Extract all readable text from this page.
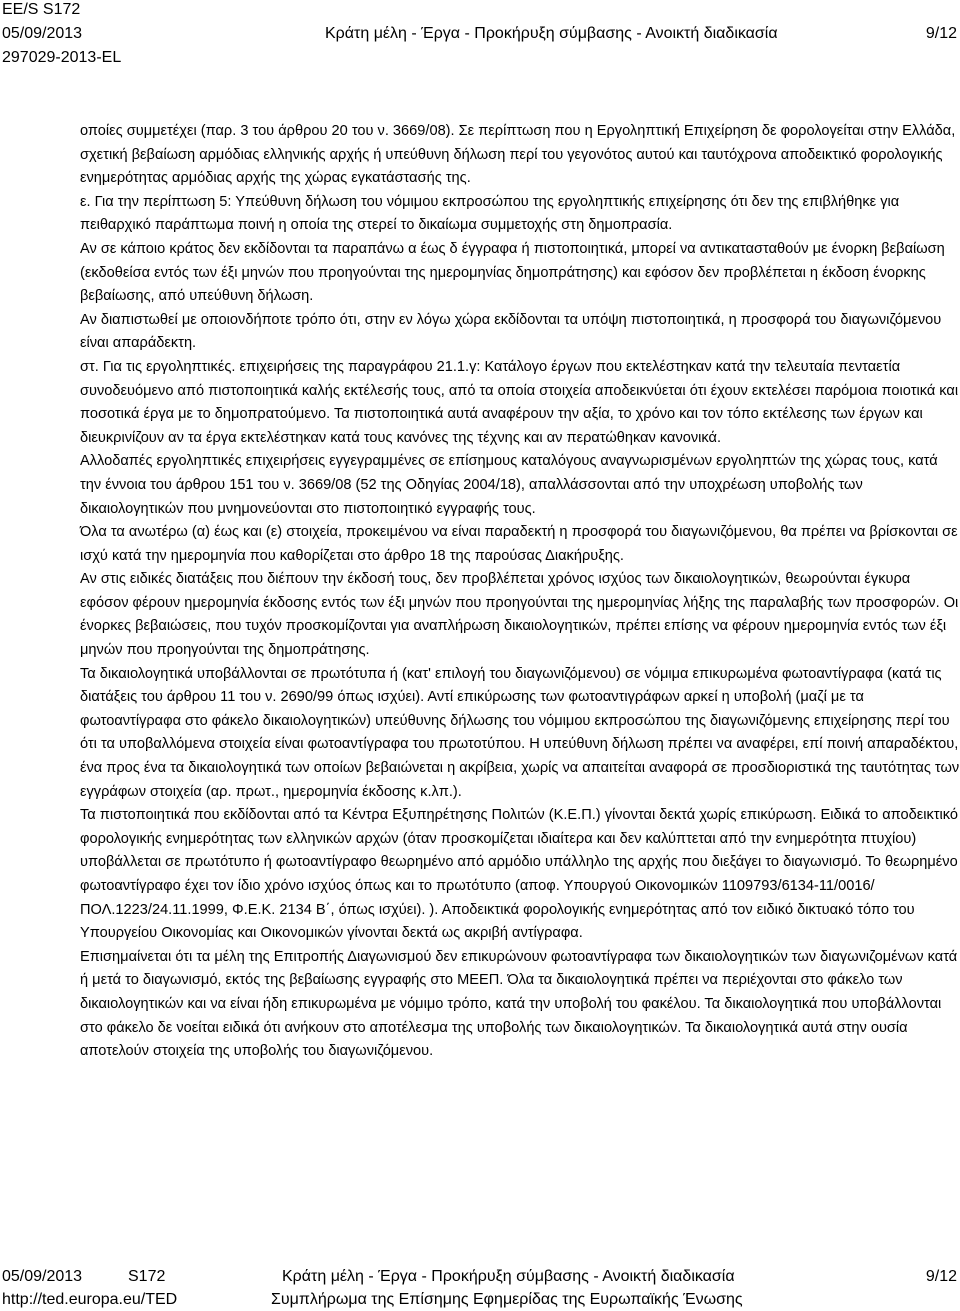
EE/S S172
05/09/2013	Κράτη μέλη - Έργα - Προκήρυξη σύμβασης - Ανοικτή διαδικασία	9/12
297029-2013-EL

οποίες συμμετέχει (παρ. 3 του άρθρου 20 του ν. 3669/08). Σε περίπτωση που η Εργοληπτική Επιχείρηση δε φορολογείται στην Ελλάδα, σχετική βεβαίωση αρμόδιας ελληνικής αρχής ή υπεύθυνη δήλωση περί του γεγονότος αυτού και ταυτόχρονα αποδεικτικό φορολογικής ενημερότητας αρμόδιας αρχής της χώρας εγκατάστασής της.

ε. Για την περίπτωση 5: Υπεύθυνη δήλωση του νόμιμου εκπροσώπου της εργοληπτικής επιχείρησης ότι δεν της επιβλήθηκε για πειθαρχικό παράπτωμα ποινή η οποία της στερεί το δικαίωμα συμμετοχής στη δημοπρασία.

Αν σε κάποιο κράτος δεν εκδίδονται τα παραπάνω α έως δ έγγραφα ή πιστοποιητικά, μπορεί να αντικατασταθούν με ένορκη βεβαίωση (εκδοθείσα εντός των έξι μηνών που προηγούνται της ημερομηνίας δημοπράτησης) και εφόσον δεν προβλέπεται η έκδοση ένορκης βεβαίωσης, από υπεύθυνη δήλωση.

Αν διαπιστωθεί με οποιονδήποτε τρόπο ότι, στην εν λόγω χώρα εκδίδονται τα υπόψη πιστοποιητικά, η προσφορά του διαγωνιζόμενου είναι απαράδεκτη.

στ. Για τις εργοληπτικές. επιχειρήσεις της παραγράφου 21.1.γ: Κατάλογο έργων που εκτελέστηκαν κατά την τελευταία πενταετία συνοδευόμενο από πιστοποιητικά καλής εκτέλεσής τους, από τα οποία στοιχεία αποδεικνύεται ότι έχουν εκτελέσει παρόμοια ποιοτικά και ποσοτικά έργα με το δημοπρατούμενο. Τα πιστοποιητικά αυτά αναφέρουν την αξία, το χρόνο και τον τόπο εκτέλεσης των έργων και διευκρινίζουν αν τα έργα εκτελέστηκαν κατά τους κανόνες της τέχνης και αν περατώθηκαν κανονικά.

Αλλοδαπές εργοληπτικές επιχειρήσεις εγγεγραμμένες σε επίσημους καταλόγους αναγνωρισμένων εργοληπτών της χώρας τους, κατά την έννοια του άρθρου 151 του ν. 3669/08 (52 της Οδηγίας 2004/18), απαλλάσσονται από την υποχρέωση υποβολής των δικαιολογητικών που μνημονεύονται στο πιστοποιητικό εγγραφής τους.

Όλα τα ανωτέρω (α) έως και (ε) στοιχεία, προκειμένου να είναι παραδεκτή η προσφορά του διαγωνιζόμενου, θα πρέπει να βρίσκονται σε ισχύ κατά την ημερομηνία που καθορίζεται στο άρθρο 18 της παρούσας Διακήρυξης.

Αν στις ειδικές διατάξεις που διέπουν την έκδοσή τους, δεν προβλέπεται χρόνος ισχύος των δικαιολογητικών, θεωρούνται έγκυρα εφόσον φέρουν ημερομηνία έκδοσης εντός των έξι μηνών που προηγούνται της ημερομηνίας λήξης της παραλαβής των προσφορών. Οι ένορκες βεβαιώσεις, που τυχόν προσκομίζονται για αναπλήρωση δικαιολογητικών, πρέπει επίσης να φέρουν ημερομηνία εντός των έξι μηνών που προηγούνται της δημοπράτησης.

Τα δικαιολογητικά υποβάλλονται σε πρωτότυπα ή (κατ' επιλογή του διαγωνιζόμενου) σε νόμιμα επικυρωμένα φωτοαντίγραφα (κατά τις διατάξεις του άρθρου 11 του ν. 2690/99 όπως ισχύει). Αντί επικύρωσης των φωτοαντιγράφων αρκεί η υποβολή (μαζί με τα φωτοαντίγραφα στο φάκελο δικαιολογητικών) υπεύθυνης δήλωσης του νόμιμου εκπροσώπου της διαγωνιζόμενης επιχείρησης περί του ότι τα υποβαλλόμενα στοιχεία είναι φωτοαντίγραφα του πρωτοτύπου. Η υπεύθυνη δήλωση πρέπει να αναφέρει, επί ποινή απαραδέκτου, ένα προς ένα τα δικαιολογητικά των οποίων βεβαιώνεται η ακρίβεια, χωρίς να απαιτείται αναφορά σε προσδιοριστικά της ταυτότητας των εγγράφων στοιχεία (αρ. πρωτ., ημερομηνία έκδοσης κ.λπ.).

Τα πιστοποιητικά που εκδίδονται από τα Κέντρα Εξυπηρέτησης Πολιτών (Κ.Ε.Π.) γίνονται δεκτά χωρίς επικύρωση. Ειδικά το αποδεικτικό φορολογικής ενημερότητας των ελληνικών αρχών (όταν προσκομίζεται ιδιαίτερα και δεν καλύπτεται από την ενημερότητα πτυχίου) υποβάλλεται σε πρωτότυπο ή φωτοαντίγραφο θεωρημένο από αρμόδιο υπάλληλο της αρχής που διεξάγει το διαγωνισμό. Το θεωρημένο φωτοαντίγραφο έχει τον ίδιο χρόνο ισχύος όπως και το πρωτότυπο (αποφ. Υπουργού Οικονομικών 1109793/6134-11/0016/ ΠΟΛ.1223/24.11.1999, Φ.Ε.Κ. 2134 Β΄, όπως ισχύει). ). Αποδεικτικά φορολογικής ενημερότητας από τον ειδικό δικτυακό τόπο του Υπουργείου Οικονομίας και Οικονομικών γίνονται δεκτά ως ακριβή αντίγραφα.

Επισημαίνεται ότι τα μέλη της Επιτροπής Διαγωνισμού δεν επικυρώνουν φωτοαντίγραφα των δικαιολογητικών των διαγωνιζομένων κατά ή μετά το διαγωνισμό, εκτός της βεβαίωσης εγγραφής στο ΜΕΕΠ. Όλα τα δικαιολογητικά πρέπει να περιέχονται στο φάκελο των δικαιολογητικών και να είναι ήδη επικυρωμένα με νόμιμο τρόπο, κατά την υποβολή του φακέλου. Τα δικαιολογητικά που υποβάλλονται στο φάκελο δε νοείται ειδικά ότι ανήκουν στο αποτέλεσμα της υποβολής των δικαιολογητικών. Τα δικαιολογητικά αυτά στην ουσία αποτελούν στοιχεία της υποβολής του διαγωνιζόμενου.

05/09/2013	S172	Κράτη μέλη - Έργα - Προκήρυξη σύμβασης - Ανοικτή διαδικασία	9/12
http://ted.europa.eu/TED	Συμπλήρωμα της Επίσημης Εφημερίδας της Ευρωπαϊκής Ένωσης
